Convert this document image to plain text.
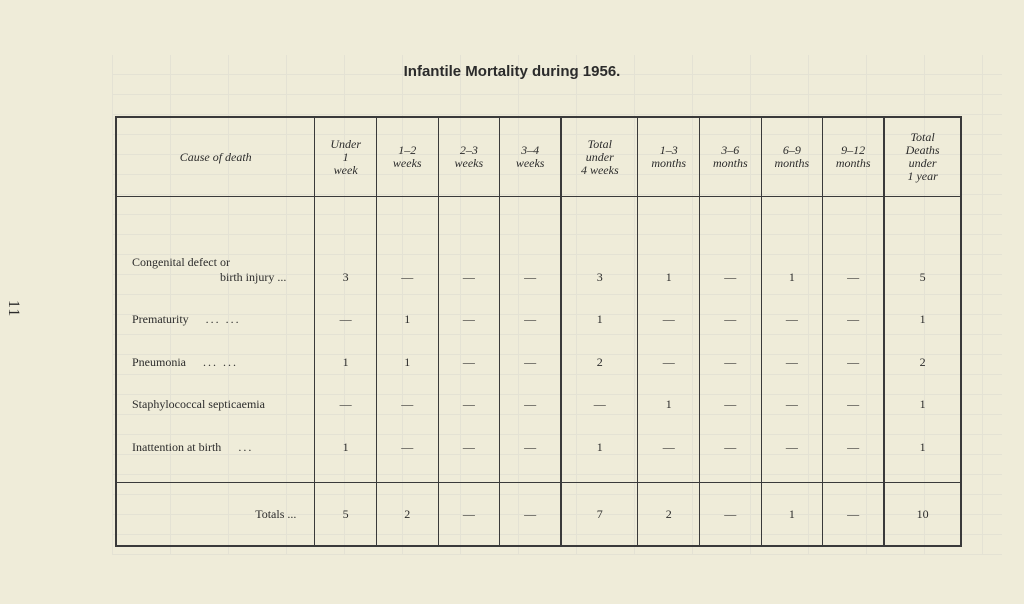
11
Infantile Mortality during 1956.
Cause of death	Under
1
week	1–2
weeks	2–3
weeks	3–4
weeks	Total
under
4 weeks	1–3
months	3–6
months	6–9
months	9–12
months	Total
Deaths
under
1 year

Congenital defect or
birth injury ...	3	—	—	—	3	1	—	1	—	5
Prematurity ... ...	—	1	—	—	1	—	—	—	—	1
Pneumonia ... ...	1	1	—	—	2	—	—	—	—	2
Staphylococcal septicaemia	—	—	—	—	—	1	—	—	—	1
Inattention at birth ...	1	—	—	—	1	—	—	—	—	1

Totals ...	5	2	—	—	7	2	—	1	—	10
